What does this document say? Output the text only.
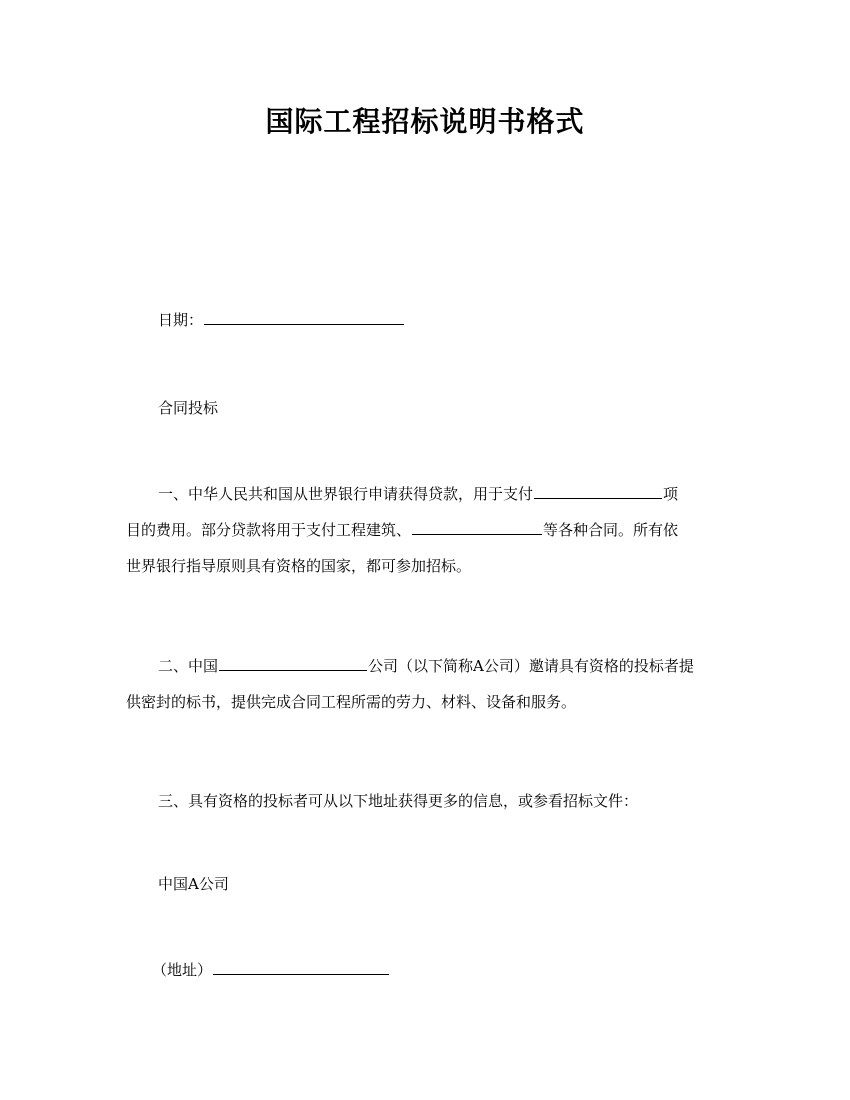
国际工程招标说明书格式
日期：
合同投标
一、中华人民共和国从世界银行申请获得贷款，用于支付	项
目的费用。部分贷款将用于支付工程建筑、	等各种合同。所有依
世界银行指导原则具有资格的国家，都可参加招标。
二、中国	公司（以下简称A公司）邀请具有资格的投标者提
供密封的标书，提供完成合同工程所需的劳力、材料、设备和服务。
三、具有资格的投标者可从以下地址获得更多的信息，或参看招标文件：
中国A公司
（地址）
